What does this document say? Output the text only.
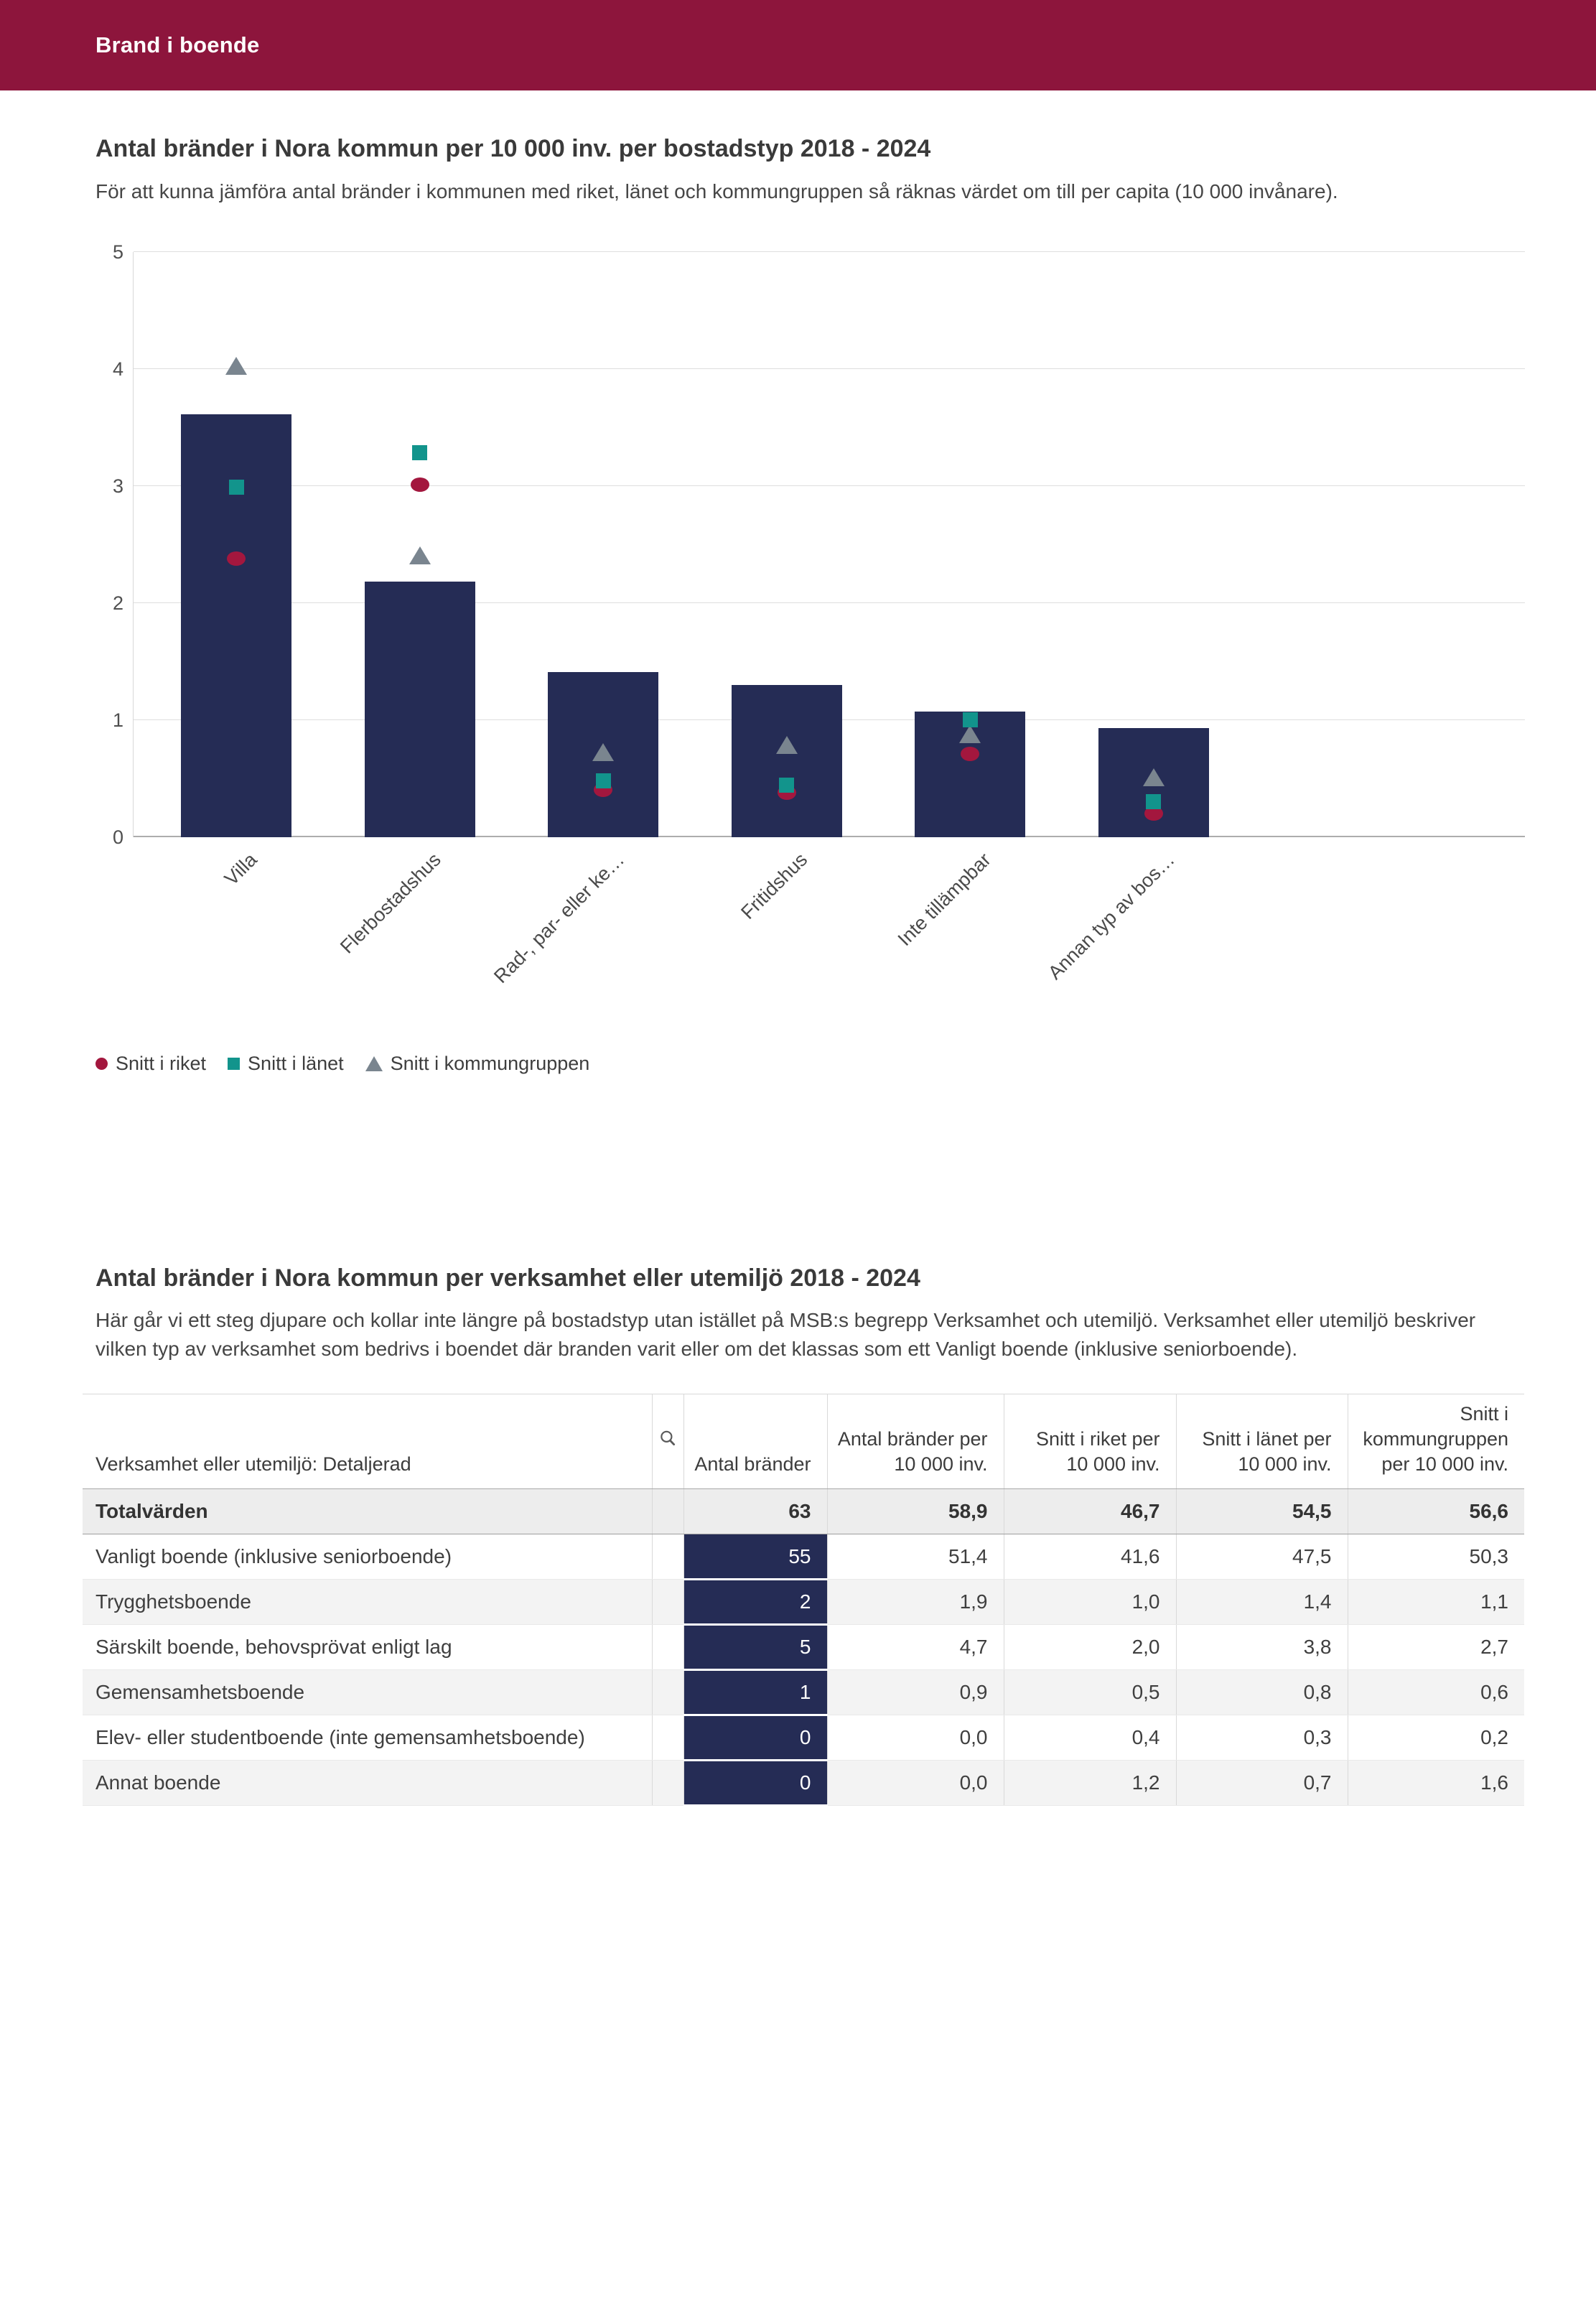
Brand i boende
Antal bränder i Nora kommun per 10 000 inv. per bostadstyp 2018 - 2024

För att kunna jämföra antal bränder i kommunen med riket, länet och kommungruppen så räknas värdet om till per capita (10 000 invånare).

0
1
2
3
4
5
Villa	Flerbostadshus Rad-, par- eller ke…	Fritidshus	Inte tillämpbar	Annan typ av bos…
Snitt i riket Snitt i länet Snitt i kommungruppen
Antal bränder i Nora kommun per verksamhet eller utemiljö 2018 - 2024

Här går vi ett steg djupare och kollar inte längre på bostadstyp utan istället på MSB:s begrepp Verksamhet och utemiljö. Verksamhet eller utemiljö beskriver vilken typ av verksamhet som bedrivs i boendet där branden varit eller om det klassas som ett Vanligt boende (inklusive seniorboende).

Verksamhet eller utemiljö: Detaljerad		Antal bränder	Antal bränder per 10 000 inv.	Snitt i riket per 10 000 inv.	Snitt i länet per 10 000 inv.	Snitt i kommungruppen per 10 000 inv.
Totalvärden		63	58,9	46,7	54,5	56,6
Vanligt boende (inklusive seniorboende)		55	51,4	41,6	47,5	50,3
Trygghetsboende		2	1,9	1,0	1,4	1,1
Särskilt boende, behovsprövat enligt lag		5	4,7	2,0	3,8	2,7
Gemensamhetsboende		1	0,9	0,5	0,8	0,6
Elev- eller studentboende (inte gemensamhetsboende)		0	0,0	0,4	0,3	0,2
Annat boende		0	0,0	1,2	0,7	1,6
